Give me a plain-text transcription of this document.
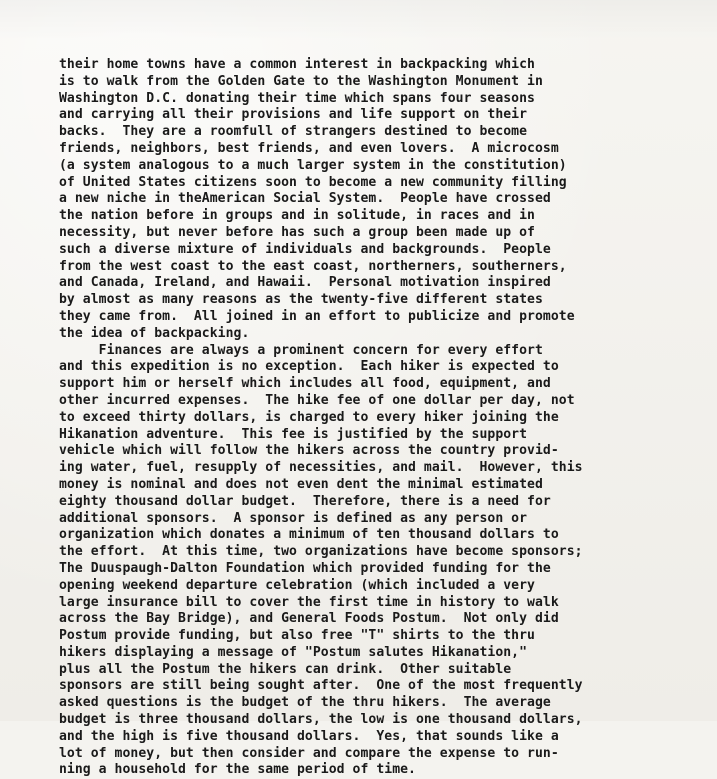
their home towns have a common interest in backpacking which
is to walk from the Golden Gate to the Washington Monument in
Washington D.C. donating their time which spans four seasons
and carrying all their provisions and life support on their
backs.  They are a roomfull of strangers destined to become
friends, neighbors, best friends, and even lovers.  A microcosm
(a system analogous to a much larger system in the constitution)
of United States citizens soon to become a new community filling
a new niche in theAmerican Social System.  People have crossed
the nation before in groups and in solitude, in races and in
necessity, but never before has such a group been made up of
such a diverse mixture of individuals and backgrounds.  People
from the west coast to the east coast, northerners, southerners,
and Canada, Ireland, and Hawaii.  Personal motivation inspired
by almost as many reasons as the twenty-five different states
they came from.  All joined in an effort to publicize and promote
the idea of backpacking.
Finances are always a prominent concern for every effort
and this expedition is no exception.  Each hiker is expected to
support him or herself which includes all food, equipment, and
other incurred expenses.  The hike fee of one dollar per day, not
to exceed thirty dollars, is charged to every hiker joining the
Hikanation adventure.  This fee is justified by the support
vehicle which will follow the hikers across the country provid-
ing water, fuel, resupply of necessities, and mail.  However, this
money is nominal and does not even dent the minimal estimated
eighty thousand dollar budget.  Therefore, there is a need for
additional sponsors.  A sponsor is defined as any person or
organization which donates a minimum of ten thousand dollars to
the effort.  At this time, two organizations have become sponsors;
The Duuspaugh-Dalton Foundation which provided funding for the
opening weekend departure celebration (which included a very
large insurance bill to cover the first time in history to walk
across the Bay Bridge), and General Foods Postum.  Not only did
Postum provide funding, but also free "T" shirts to the thru
hikers displaying a message of "Postum salutes Hikanation,"
plus all the Postum the hikers can drink.  Other suitable
sponsors are still being sought after.  One of the most frequently
asked questions is the budget of the thru hikers.  The average
budget is three thousand dollars, the low is one thousand dollars,
and the high is five thousand dollars.  Yes, that sounds like a
lot of money, but then consider and compare the expense to run-
ning a household for the same period of time.
